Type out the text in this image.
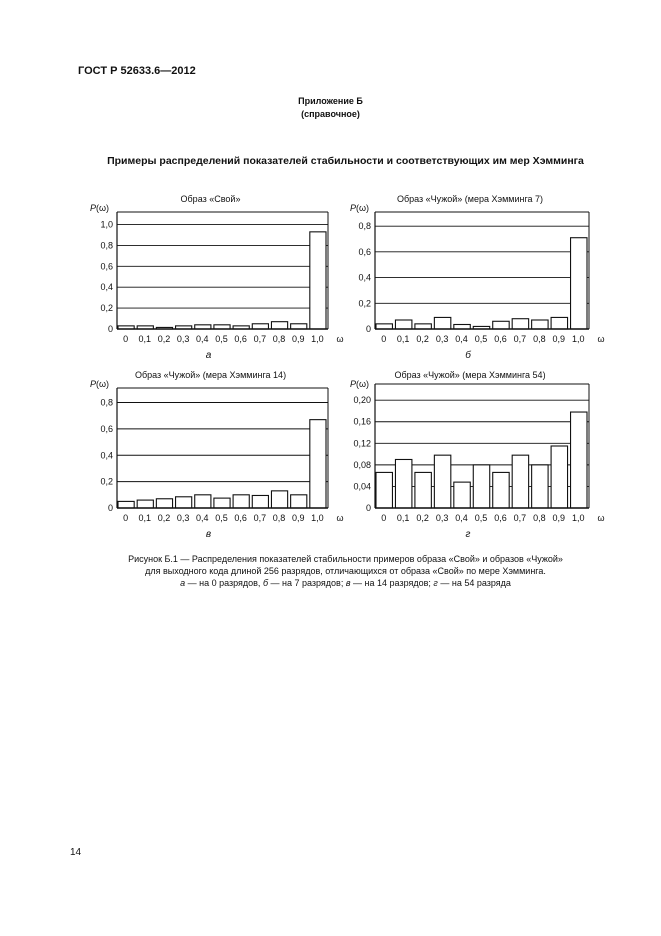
ГОСТ Р 52633.6—2012
Приложение Б
(справочное)
Примеры распределений показателей стабильности и соответствующих им мер Хэмминга
Образ «Свой»
P(ω)
0
0,2
0,4
0,6
0,8
1,0
0 0,1 0,2 0,3 0,4 0,5 0,6 0,7 0,8 0,9 1,0 ω
а
Образ «Чужой» (мера Хэмминга 7)
P(ω)
0
0,2
0,4
0,6
0,8
0 0,1 0,2 0,3 0,4 0,5 0,6 0,7 0,8 0,9 1,0 ω
б
Образ «Чужой» (мера Хэмминга 14)
P(ω)
0
0,2
0,4
0,6
0,8
0 0,1 0,2 0,3 0,4 0,5 0,6 0,7 0,8 0,9 1,0 ω
в
Образ «Чужой» (мера Хэмминга 54)
P(ω)
0
0,04
0,08
0,12
0,16
0,20
0 0,1 0,2 0,3 0,4 0,5 0,6 0,7 0,8 0,9 1,0 ω
г
Рисунок Б.1 — Распределения показателей стабильности примеров образа «Свой» и образов «Чужой»
для выходного кода длиной 256 разрядов, отличающихся от образа «Свой» по мере Хэмминга.
а — на 0 разрядов, б — на 7 разрядов; в — на 14 разрядов; г — на 54 разряда
14
